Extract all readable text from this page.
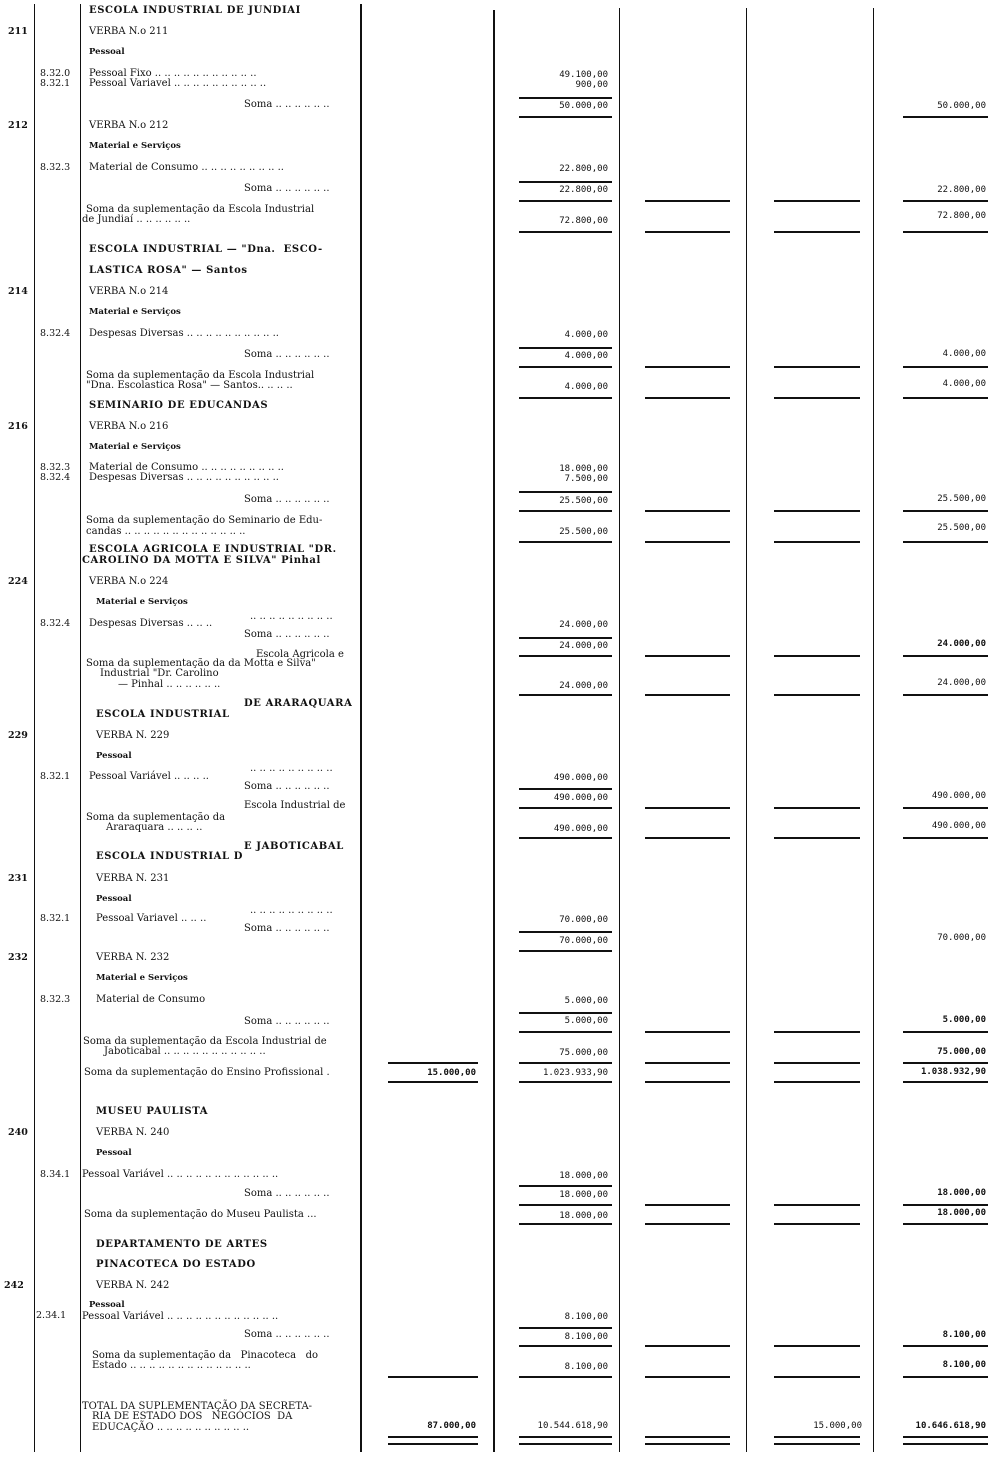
ESCOLA INDUSTRIAL DE JUNDIAI
ESCOLA INDUSTRIAL — "Dna.  ESCO-
LASTICA ROSA" — Santos
SEMINARIO DE EDUCANDAS
ESCOLA AGRICOLA E INDUSTRIAL "DR.
CAROLINO DA MOTTA E SILVA" Pinhal
ESCOLA INDUSTRIAL
DE ARARAQUARA
ESCOLA INDUSTRIAL D
E JABOTICABAL
MUSEU PAULISTA
DEPARTAMENTO DE ARTES
PINACOTECA DO ESTADO
211
212
214
216
224
229
231
232
240
242
8.32.0
8.32.1
8.32.3
8.32.4
8.32.3
8.32.4
8.32.4
8.32.1
8.32.1
8.32.3
8.34.1
2.34.1
VERBA N.o 211
VERBA N.o 212
VERBA N.o 214
VERBA N.o 216
VERBA N.o 224
VERBA N. 229
VERBA N. 231
VERBA N. 232
VERBA N. 240
VERBA N. 242
Pessoal
Material e Serviços
Material e Serviços
Material e Serviços
Material e Serviços
Pessoal
Pessoal
Material e Serviços
Pessoal
Pessoal
Pessoal Fixo .. .. .. .. .. .. .. .. .. .. ..
Pessoal Variavel .. .. .. .. .. .. .. .. .. ..
Material de Consumo .. .. .. .. .. .. .. .. ..
Despesas Diversas .. .. .. .. .. .. .. .. .. ..
Material de Consumo .. .. .. .. .. .. .. .. ..
Despesas Diversas .. .. .. .. .. .. .. .. .. ..
Despesas Diversas .. .. ..
.. .. .. .. .. .. .. .. ..
Pessoal Variável .. .. .. ..
.. .. .. .. .. .. .. .. ..
Pessoal Variavel .. .. ..
.. .. .. .. .. .. .. .. ..
Material de Consumo
Pessoal Variável .. .. .. .. .. .. .. .. .. .. .. ..
Pessoal Variável .. .. .. .. .. .. .. .. .. .. .. ..
Soma .. .. .. .. .. ..
Soma .. .. .. .. .. ..
Soma .. .. .. .. .. ..
Soma .. .. .. .. .. ..
Soma .. .. .. .. .. ..
Soma .. .. .. .. .. ..
Soma .. .. .. .. .. ..
Soma .. .. .. .. .. ..
Soma .. .. .. .. .. ..
Soma .. .. .. .. .. ..
Soma da suplementação da Escola Industrial
de Jundiaí .. .. .. .. .. ..
Soma da suplementação da Escola Industrial
"Dna. Escolastica Rosa" — Santos.. .. .. ..
Soma da suplementação do Seminario de Edu-
candas .. .. .. .. .. .. .. .. .. .. .. .. ..
Escola Agricola e
Soma da suplementação da da Motta e Silva"
Industrial "Dr. Carolino
— Pinhal .. .. .. .. .. ..
Escola Industrial de
Soma da suplementação da
Araraquara .. .. .. ..
Soma da suplementação da Escola Industrial de
Jaboticabal .. .. .. .. .. .. .. .. .. .. ..
Soma da suplementação do Ensino Profissional .
Soma da suplementação do Museu Paulista ...
Soma da suplementação da   Pinacoteca   do
Estado .. .. .. .. .. .. .. .. .. .. .. .. ..
TOTAL DA SUPLEMENTAÇÃO DA SECRETA-
RIA DE ESTADO DOS   NEGÓCIOS  DA
EDUCAÇÃO .. .. .. .. .. .. .. .. .. ..
49.100,00
900,00
50.000,00
22.800,00
22.800,00
72.800,00
4.000,00
4.000,00
4.000,00
18.000,00
7.500,00
25.500,00
25.500,00
24.000,00
24.000,00
24.000,00
490.000,00
490.000,00
490.000,00
70.000,00
70.000,00
5.000,00
5.000,00
75.000,00
1.023.933,90
18.000,00
18.000,00
18.000,00
8.100,00
8.100,00
8.100,00
10.544.618,90
15.000,00
87.000,00	15.000,00
50.000,00
22.800,00
72.800,00
4.000,00
4.000,00
25.500,00
25.500,00
24.000,00
24.000,00
490.000,00
490.000,00
70.000,00
5.000,00
75.000,00
1.038.932,90
18.000,00
18.000,00
8.100,00
8.100,00
10.646.618,90
